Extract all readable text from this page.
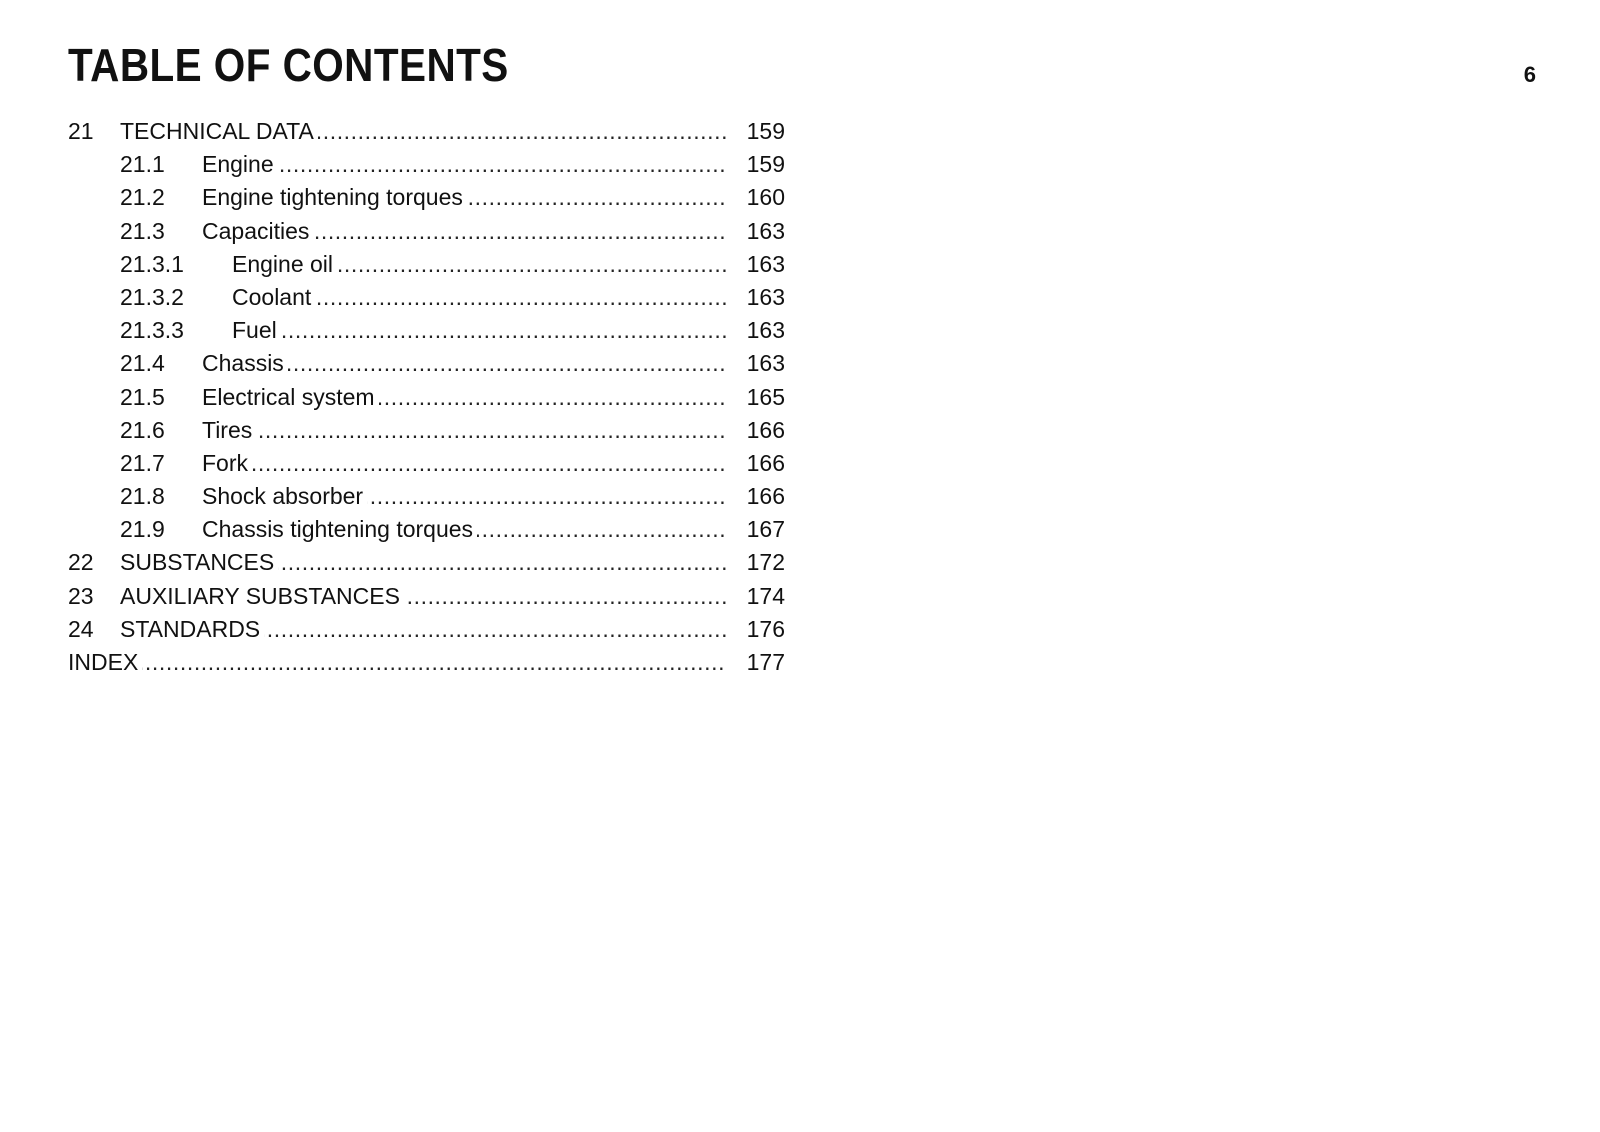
TABLE OF CONTENTS	6
21 TECHNICAL DATA .....	159
21.1 Engine .....	159
21.2 Engine tightening torques .....	160
21.3 Capacities .....	163
21.3.1 Engine oil .....	163
21.3.2 Coolant .....	163
21.3.3 Fuel .....	163
21.4 Chassis .....	163
21.5 Electrical system .....	165
21.6 Tires .....	166
21.7 Fork .....	166
21.8 Shock absorber .....	166
21.9 Chassis tightening torques .....	167
22 SUBSTANCES .....	172
23 AUXILIARY SUBSTANCES .....	174
24 STANDARDS .....	176
INDEX .....	177
